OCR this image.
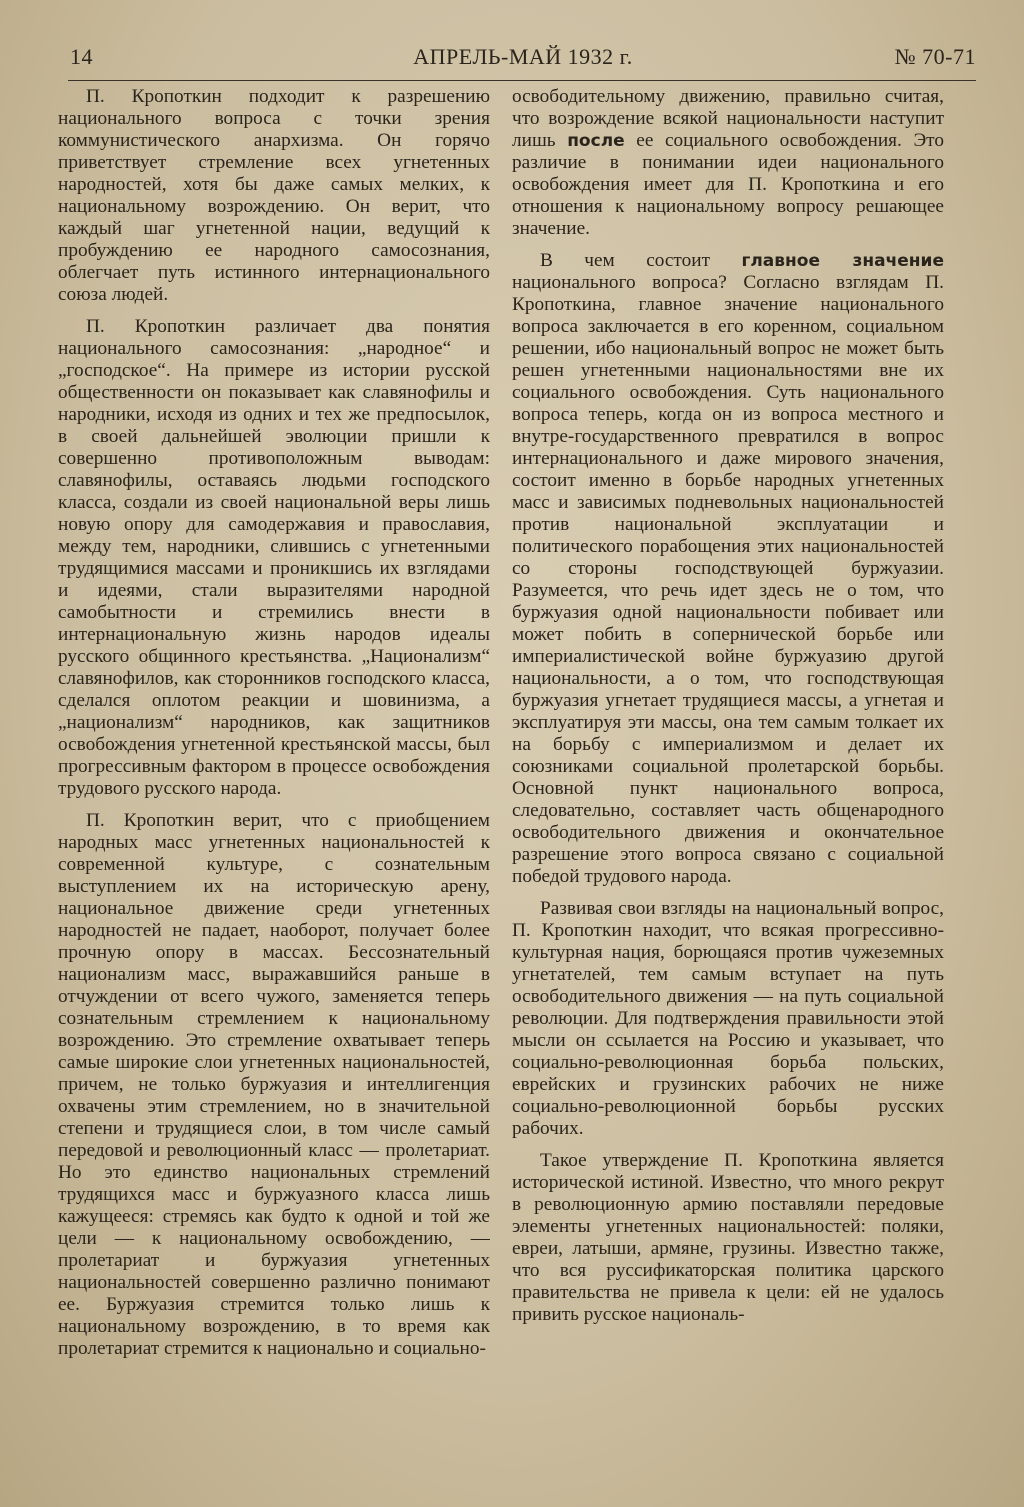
14	АПРЕЛЬ-МАЙ 1932 г.	№ 70-71

П. Кропоткин подходит к разрешению национального вопроса с точки зрения коммунистического анархизма. Он горячо приветствует стремление всех угнетенных народностей, хотя бы даже самых мелких, к национальному возрождению. Он верит, что каждый шаг угнетенной нации, ведущий к пробуждению ее народного самосознания, облегчает путь истинного интернационального союза людей.

П. Кропоткин различает два понятия национального самосознания: „народное“ и „господское“. На примере из истории русской общественности он показывает как славянофилы и народники, исходя из одних и тех же предпосылок, в своей дальнейшей эволюции пришли к совершенно противоположным выводам: славянофилы, оставаясь людьми господского класса, создали из своей национальной веры лишь новую опору для самодержавия и православия, между тем, народники, слившись с угнетенными трудящимися массами и проникшись их взглядами и идеями, стали выразителями народной самобытности и стремились внести в интернациональную жизнь народов идеалы русского общинного крестьянства. „Национализм“ славянофилов, как сторонников господского класса, сделался оплотом реакции и шовинизма, а „национализм“ народников, как защитников освобождения угнетенной крестьянской массы, был прогрессивным фактором в процессе освобождения трудового русского народа.

П. Кропоткин верит, что с приобщением народных масс угнетенных национальностей к современной культуре, с сознательным выступлением их на историческую арену, национальное движение среди угнетенных народностей не падает, наоборот, получает более прочную опору в массах. Бессознательный национализм масс, выражавшийся раньше в отчуждении от всего чужого, заменяется теперь сознательным стремлением к национальному возрождению. Это стремление охватывает теперь самые широкие слои угнетенных национальностей, причем, не только буржуазия и интеллигенция охвачены этим стремлением, но в значительной степени и трудящиеся слои, в том числе самый передовой и революционный класс — пролетариат. Но это единство национальных стремлений трудящихся масс и буржуазного класса лишь кажущееся: стремясь как будто к одной и той же цели — к национальному освобождению, — пролетариат и буржуазия угнетенных национальностей совершенно различно понимают ее. Буржуазия стремится только лишь к национальному возрождению, в то время как пролетариат стремится к национально и социально-

освободительному движению, правильно считая, что возрождение всякой национальности наступит лишь после ее социального освобождения. Это различие в понимании идеи национального освобождения имеет для П. Кропоткина и его отношения к национальному вопросу решающее значение.

В чем состоит главное значение национального вопроса? Согласно взглядам П. Кропоткина, главное значение национального вопроса заключается в его коренном, социальном решении, ибо национальный вопрос не может быть решен угнетенными национальностями вне их социального освобождения. Суть национального вопроса теперь, когда он из вопроса местного и внутре-государственного превратился в вопрос интернационального и даже мирового значения, состоит именно в борьбе народных угнетенных масс и зависимых подневольных национальностей против национальной эксплуатации и политического порабощения этих национальностей со стороны господствующей буржуазии. Разумеется, что речь идет здесь не о том, что буржуазия одной национальности побивает или может побить в сопернической борьбе или империалистической войне буржуазию другой национальности, а о том, что господствующая буржуазия угнетает трудящиеся массы, а угнетая и эксплуатируя эти массы, она тем самым толкает их на борьбу с империализмом и делает их союзниками социальной пролетарской борьбы. Основной пункт национального вопроса, следовательно, составляет часть общенародного освободительного движения и окончательное разрешение этого вопроса связано с социальной победой трудового народа.

Развивая свои взгляды на национальный вопрос, П. Кропоткин находит, что всякая прогрессивно-культурная нация, борющаяся против чужеземных угнетателей, тем самым вступает на путь освободительного движения — на путь социальной революции. Для подтверждения правильности этой мысли он ссылается на Россию и указывает, что социально-революционная борьба польских, еврейских и грузинских рабочих не ниже социально-революционной борьбы русских рабочих.

Такое утверждение П. Кропоткина является исторической истиной. Известно, что много рекрут в революционную армию поставляли передовые элементы угнетенных национальностей: поляки, евреи, латыши, армяне, грузины. Известно также, что вся руссификаторская политика царского правительства не привела к цели: ей не удалось привить русское националь-
